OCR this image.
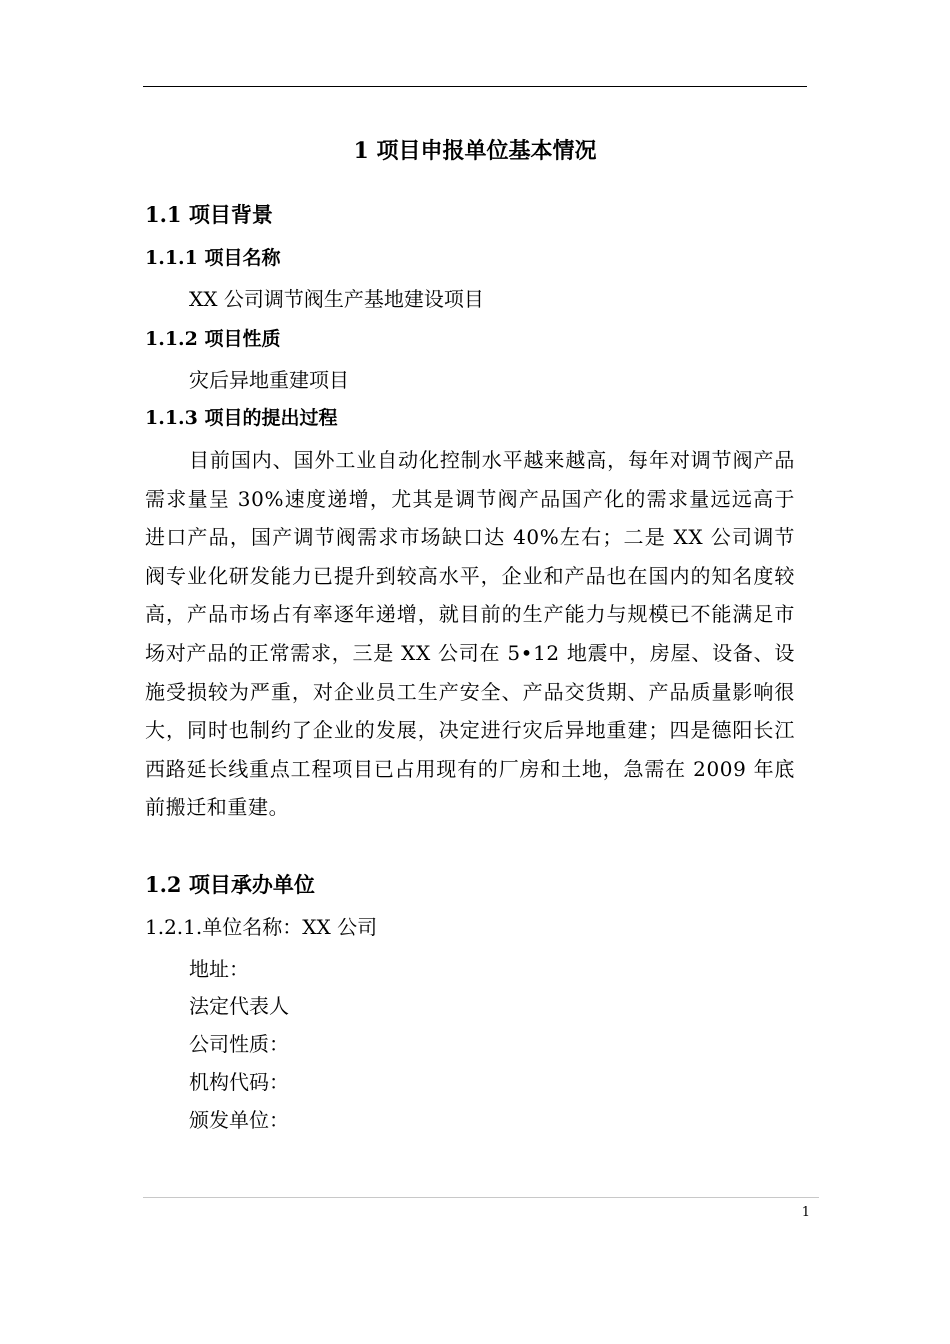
1 项目申报单位基本情况
1.1 项目背景
1.1.1 项目名称
XX 公司调节阀生产基地建设项目
1.1.2 项目性质
灾后异地重建项目
1.1.3 项目的提出过程
目前国内、国外工业自动化控制水平越来越高，每年对调节阀产品需求量呈 30%速度递增，尤其是调节阀产品国产化的需求量远远高于进口产品，国产调节阀需求市场缺口达 40%左右；二是 XX 公司调节阀专业化研发能力已提升到较高水平，企业和产品也在国内的知名度较高，产品市场占有率逐年递增，就目前的生产能力与规模已不能满足市场对产品的正常需求，三是 XX 公司在 5•12 地震中，房屋、设备、设施受损较为严重，对企业员工生产安全、产品交货期、产品质量影响很大，同时也制约了企业的发展，决定进行灾后异地重建；四是德阳长江西路延长线重点工程项目已占用现有的厂房和土地，急需在 2009 年底前搬迁和重建。
1.2 项目承办单位
1.2.1.单位名称：XX 公司
地址：
法定代表人
公司性质：
机构代码：
颁发单位：
1
